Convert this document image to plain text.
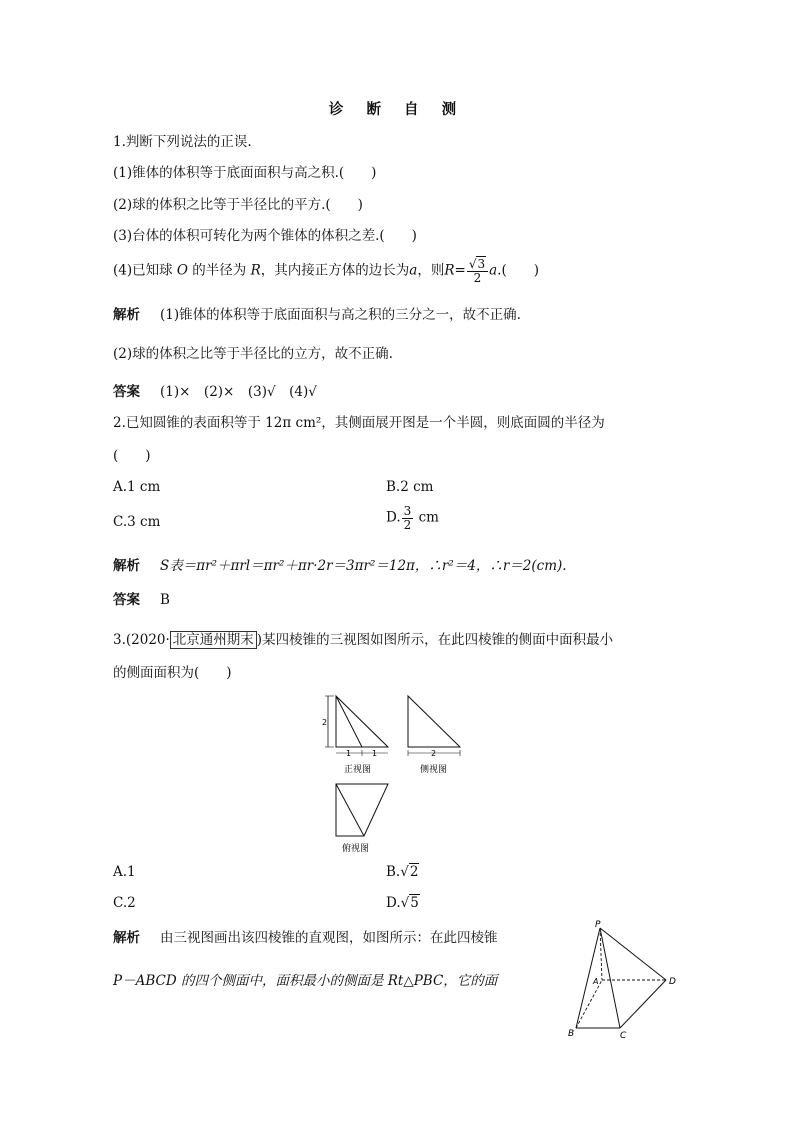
诊 断 自 测
1.判断下列说法的正误.
(1)锥体的体积等于底面面积与高之积.(　　)
(2)球的体积之比等于半径比的平方.(　　)
(3)台体的体积可转化为两个锥体的体积之差.(　　)
(4)已知球 O 的半径为 R，其内接正方体的边长为a，则$R= \frac{√3}{2} a$.(　　)
解析 (1)锥体的体积等于底面面积与高之积的三分之一，故不正确.
(2)球的体积之比等于半径比的立方，故不正确.
答案 (1)×　(2)×　(3)√　(4)√
2.已知圆锥的表面积等于 12π cm²，其侧面展开图是一个半圆，则底面圆的半径为
(　　)
A.1 cm	B.2 cm
C.3 cm	D. $\frac{3}{2}$ cm
解析 S表＝πr²＋πrl＝πr²＋πr·2r＝3πr²＝12π，∴r²＝4，∴r＝2(cm).
答案 B
3.(2020· 北京通州期末 )某四棱锥的三视图如图所示，在此四棱锥的侧面中面积最小
的侧面面积为(　　)
2
1	1
正视图
2
侧视图
俯视图
A.1	B.√2
C.2	D.√5
解析 由三视图画出该四棱锥的直观图，如图所示：在此四棱锥
P－ABCD 的四个侧面中，面积最小的侧面是 Rt△PBC，它的面
P
A
B	C
D
